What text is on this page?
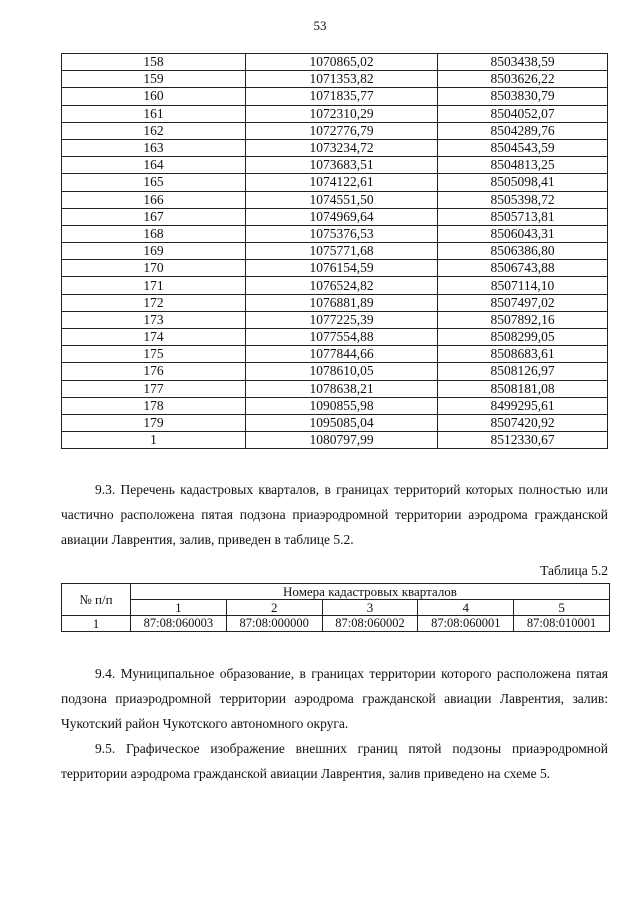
53
158	1070865,02	8503438,59
159	1071353,82	8503626,22
160	1071835,77	8503830,79
161	1072310,29	8504052,07
162	1072776,79	8504289,76
163	1073234,72	8504543,59
164	1073683,51	8504813,25
165	1074122,61	8505098,41
166	1074551,50	8505398,72
167	1074969,64	8505713,81
168	1075376,53	8506043,31
169	1075771,68	8506386,80
170	1076154,59	8506743,88
171	1076524,82	8507114,10
172	1076881,89	8507497,02
173	1077225,39	8507892,16
174	1077554,88	8508299,05
175	1077844,66	8508683,61
176	1078610,05	8508126,97
177	1078638,21	8508181,08
178	1090855,98	8499295,61
179	1095085,04	8507420,92
1	1080797,99	8512330,67

9.3. Перечень кадастровых кварталов, в границах территорий которых полностью или частично расположена пятая подзона приаэродромной территории аэродрома гражданской авиации Лаврентия, залив, приведен в таблице 5.2.

Таблица 5.2
№ п/п	Номера кадастровых кварталов				
	1	2	3	4	5
1	87:08:060003	87:08:000000	87:08:060002	87:08:060001	87:08:010001

9.4. Муниципальное образование, в границах территории которого расположена пятая подзона приаэродромной территории аэродрома гражданской авиации Лаврентия, залив: Чукотский район Чукотского автономного округа.

9.5. Графическое изображение внешних границ пятой подзоны приаэродромной территории аэродрома гражданской авиации Лаврентия, залив приведено на схеме 5.
